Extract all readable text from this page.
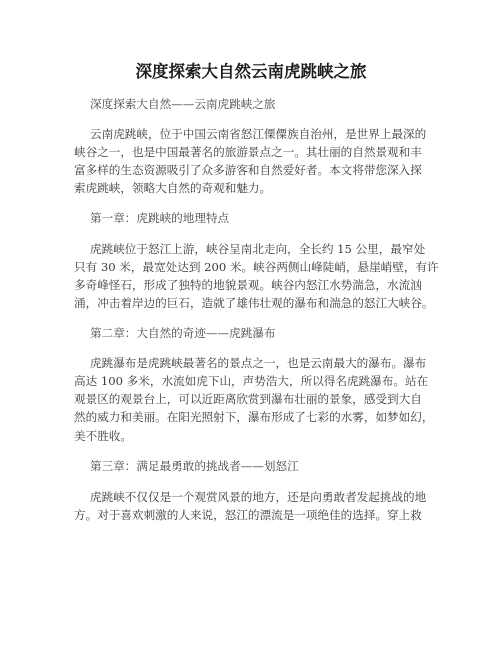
深度探索大自然云南虎跳峡之旅
深度探索大自然——云南虎跳峡之旅
云南虎跳峡，位于中国云南省怒江傈僳族自治州，是世界上最深的
峡谷之一，也是中国最著名的旅游景点之一。其壮丽的自然景观和丰
富多样的生态资源吸引了众多游客和自然爱好者。本文将带您深入探
索虎跳峡，领略大自然的奇观和魅力。
第一章：虎跳峡的地理特点
虎跳峡位于怒江上游，峡谷呈南北走向，全长约 15 公里，最窄处
只有 30 米，最宽处达到 200 米。峡谷两侧山峰陡峭，悬崖峭壁，有许
多奇峰怪石，形成了独特的地貌景观。峡谷内怒江水势湍急，水流汹
涌，冲击着岸边的巨石，造就了雄伟壮观的瀑布和湍急的怒江大峡谷。
第二章：大自然的奇迹——虎跳瀑布
虎跳瀑布是虎跳峡最著名的景点之一，也是云南最大的瀑布。瀑布
高达 100 多米，水流如虎下山，声势浩大，所以得名虎跳瀑布。站在
观景区的观景台上，可以近距离欣赏到瀑布壮丽的景象，感受到大自
然的威力和美丽。在阳光照射下，瀑布形成了七彩的水雾，如梦如幻，
美不胜收。
第三章：满足最勇敢的挑战者——划怒江
虎跳峡不仅仅是一个观赏风景的地方，还是向勇敢者发起挑战的地
方。对于喜欢刺激的人来说，怒江的漂流是一项绝佳的选择。穿上救
